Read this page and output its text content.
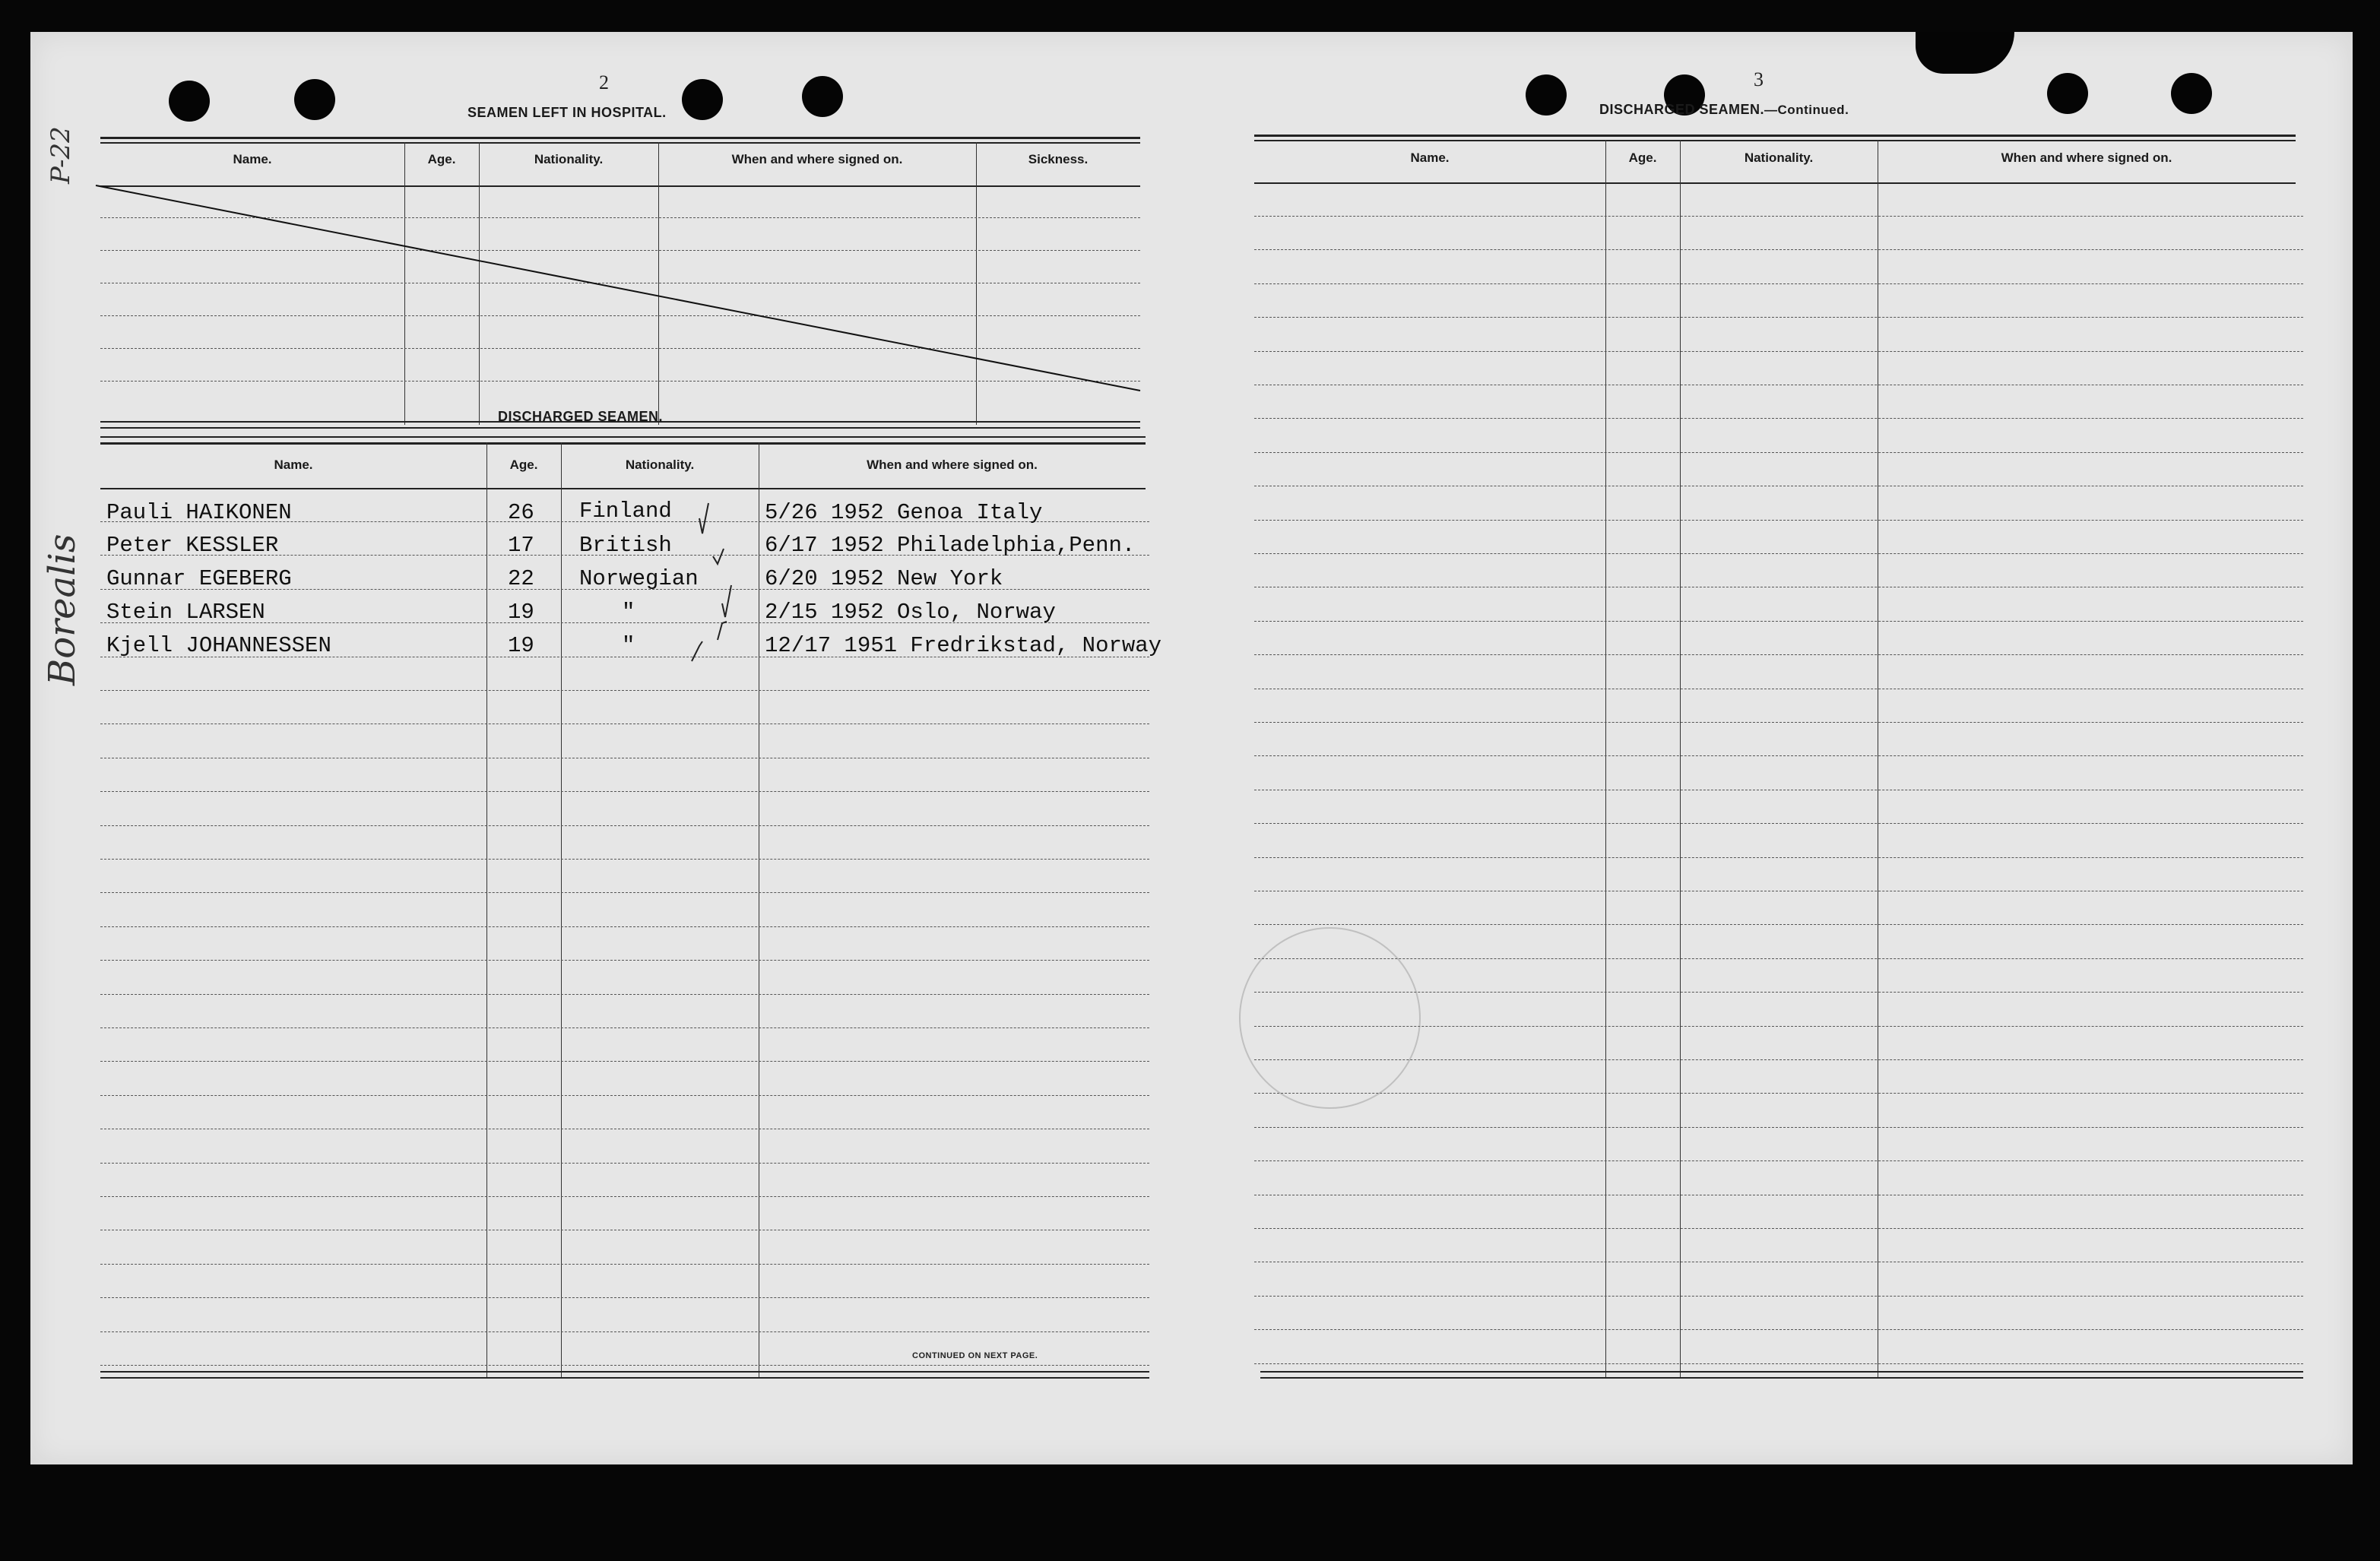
P-22
Borealis
2
SEAMEN LEFT IN HOSPITAL.
Name.	Age.	Nationality.	When and where signed on.	Sickness.
DISCHARGED SEAMEN.
Name.	Age.	Nationality.	When and where signed on.
Pauli HAIKONEN	26 Finland	5/26 1952 Genoa Italy
Peter KESSLER	17 British	6/17 1952 Philadelphia,Penn.
Gunnar EGEBERG	22 Norwegian	6/20 1952 New York
Stein LARSEN	19	"	2/15 1952 Oslo, Norway
Kjell JOHANNESSEN	19	"	12/17 1951 Fredrikstad, Norway
CONTINUED ON NEXT PAGE.
3
DISCHARGED SEAMEN.—Continued.
Name.	Age.	Nationality.	When and where signed on.
